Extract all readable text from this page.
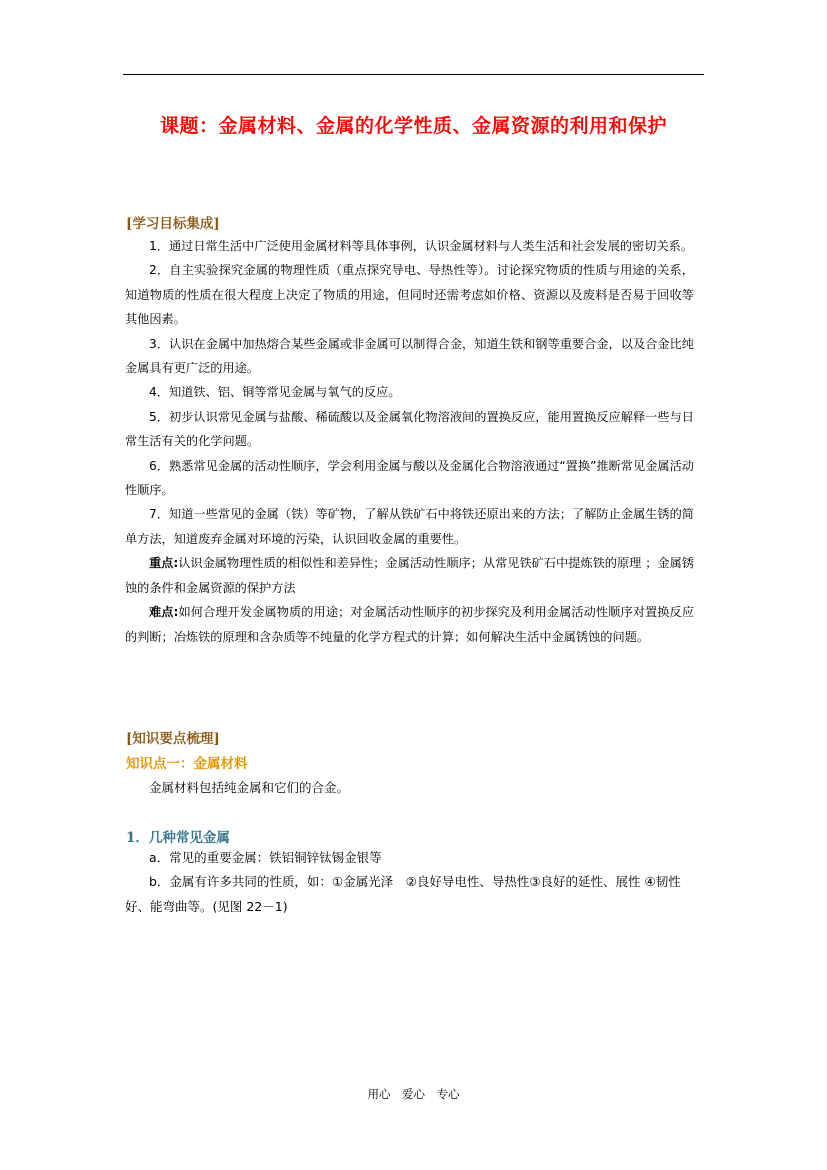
课题：金属材料、金属的化学性质、金属资源的利用和保护
[学习目标集成]

1．通过日常生活中广泛使用金属材料等具体事例，认识金属材料与人类生活和社会发展的密切关系。

2．自主实验探究金属的物理性质（重点探究导电、导热性等）。讨论探究物质的性质与用途的关系，知道物质的性质在很大程度上决定了物质的用途，但同时还需考虑如价格、资源以及废料是否易于回收等其他因素。

3．认识在金属中加热熔合某些金属或非金属可以制得合金，知道生铁和钢等重要合金，以及合金比纯金属具有更广泛的用途。

4．知道铁、铝、铜等常见金属与氧气的反应。

5．初步认识常见金属与盐酸、稀硫酸以及金属氧化物溶液间的置换反应，能用置换反应解释一些与日常生活有关的化学问题。

6．熟悉常见金属的活动性顺序，学会利用金属与酸以及金属化合物溶液通过“置换”推断常见金属活动性顺序。

7．知道一些常见的金属（铁）等矿物，了解从铁矿石中将铁还原出来的方法；了解防止金属生锈的简单方法，知道废弃金属对环境的污染，认识回收金属的重要性。

重点:认识金属物理性质的相似性和差异性；金属活动性顺序；从常见铁矿石中提炼铁的原理 ；金属锈蚀的条件和金属资源的保护方法

难点:如何合理开发金属物质的用途；对金属活动性顺序的初步探究及利用金属活动性顺序对置换反应的判断；冶炼铁的原理和含杂质等不纯量的化学方程式的计算；如何解决生活中金属锈蚀的问题。

[知识要点梳理]
知识点一：金属材料
金属材料包括纯金属和它们的合金。
1．几种常见金属

a．常见的重要金属：铁铝铜锌钛锡金银等

b．金属有许多共同的性质，如：①金属光泽　②良好导电性、导热性③良好的延性、展性 ④韧性好、能弯曲等。(见图 22－1)

用心　爱心　专心
